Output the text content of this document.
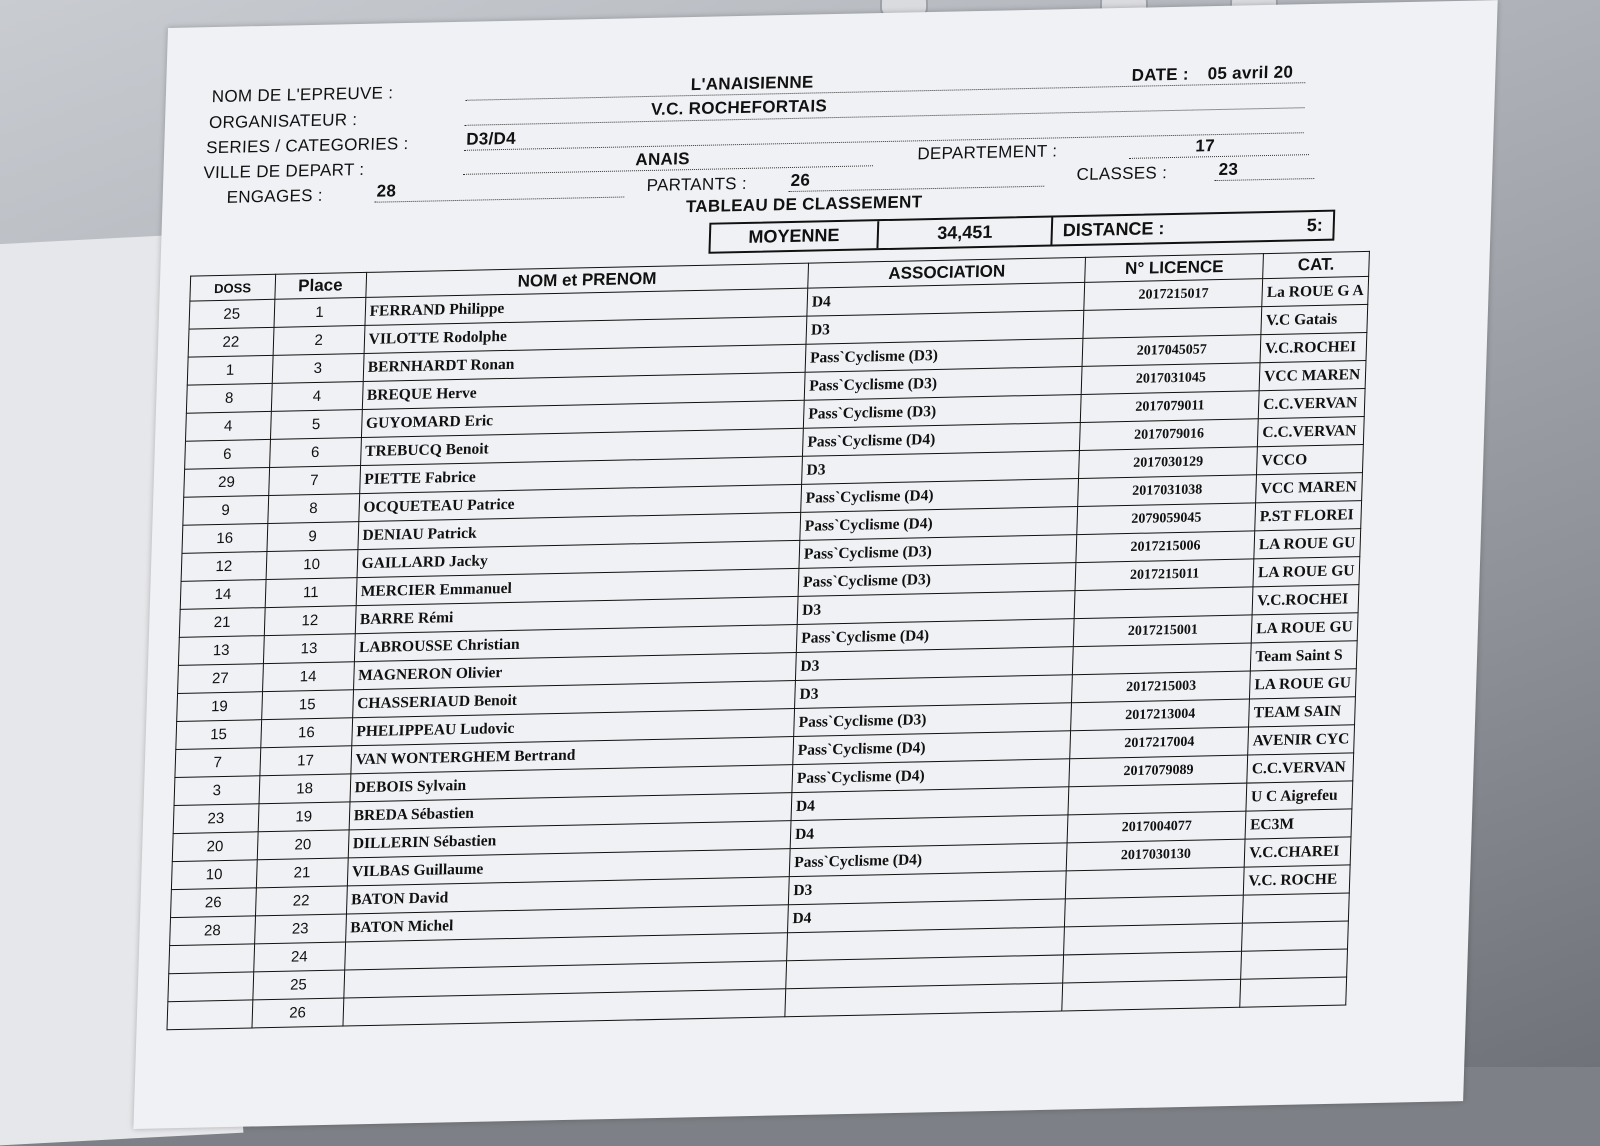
NOM DE L'EPREUVE :
L'ANAISIENNE	DATE : 05 avril 20
ORGANISATEUR :
V.C. ROCHEFORTAIS
SERIES / CATEGORIES :	D3/D4
VILLE DE DEPART :
ANAIS	DEPARTEMENT :	17
ENGAGES :	28	PARTANTS :	26	CLASSES :	23
TABLEAU DE CLASSEMENT
MOYENNE	34,451	DISTANCE :	5:
DOSS	Place	NOM et PRENOM	ASSOCIATION	N° LICENCE	CAT.
25	1	FERRAND Philippe	D4	2017215017	La ROUE G A
22	2	VILOTTE Rodolphe	D3		V.C Gatais
1	3	BERNHARDT Ronan	Pass`Cyclisme (D3)	2017045057	V.C.ROCHEI
8	4	BREQUE Herve	Pass`Cyclisme (D3)	2017031045	VCC MAREN
4	5	GUYOMARD Eric	Pass`Cyclisme (D3)	2017079011	C.C.VERVAN
6	6	TREBUCQ Benoit	Pass`Cyclisme (D4)	2017079016	C.C.VERVAN
29	7	PIETTE Fabrice	D3	2017030129	VCCO
9	8	OCQUETEAU Patrice	Pass`Cyclisme (D4)	2017031038	VCC MAREN
16	9	DENIAU Patrick	Pass`Cyclisme (D4)	2079059045	P.ST FLOREI
12	10	GAILLARD Jacky	Pass`Cyclisme (D3)	2017215006	LA ROUE GU
14	11	MERCIER Emmanuel	Pass`Cyclisme (D3)	2017215011	LA ROUE GU
21	12	BARRE Rémi	D3		V.C.ROCHEI
13	13	LABROUSSE Christian	Pass`Cyclisme (D4)	2017215001	LA ROUE GU
27	14	MAGNERON Olivier	D3		Team Saint S
19	15	CHASSERIAUD Benoit	D3	2017215003	LA ROUE GU
15	16	PHELIPPEAU Ludovic	Pass`Cyclisme (D3)	2017213004	TEAM SAIN
7	17	VAN WONTERGHEM Bertrand	Pass`Cyclisme (D4)	2017217004	AVENIR CYC
3	18	DEBOIS Sylvain	Pass`Cyclisme (D4)	2017079089	C.C.VERVAN
23	19	BREDA Sébastien	D4		U C Aigrefeu
20	20	DILLERIN Sébastien	D4	2017004077	EC3M
10	21	VILBAS Guillaume	Pass`Cyclisme (D4)	2017030130	V.C.CHAREI
26	22	BATON David	D3		V.C. ROCHE
28	23	BATON Michel	D4		
	24				
	25				
	26				
